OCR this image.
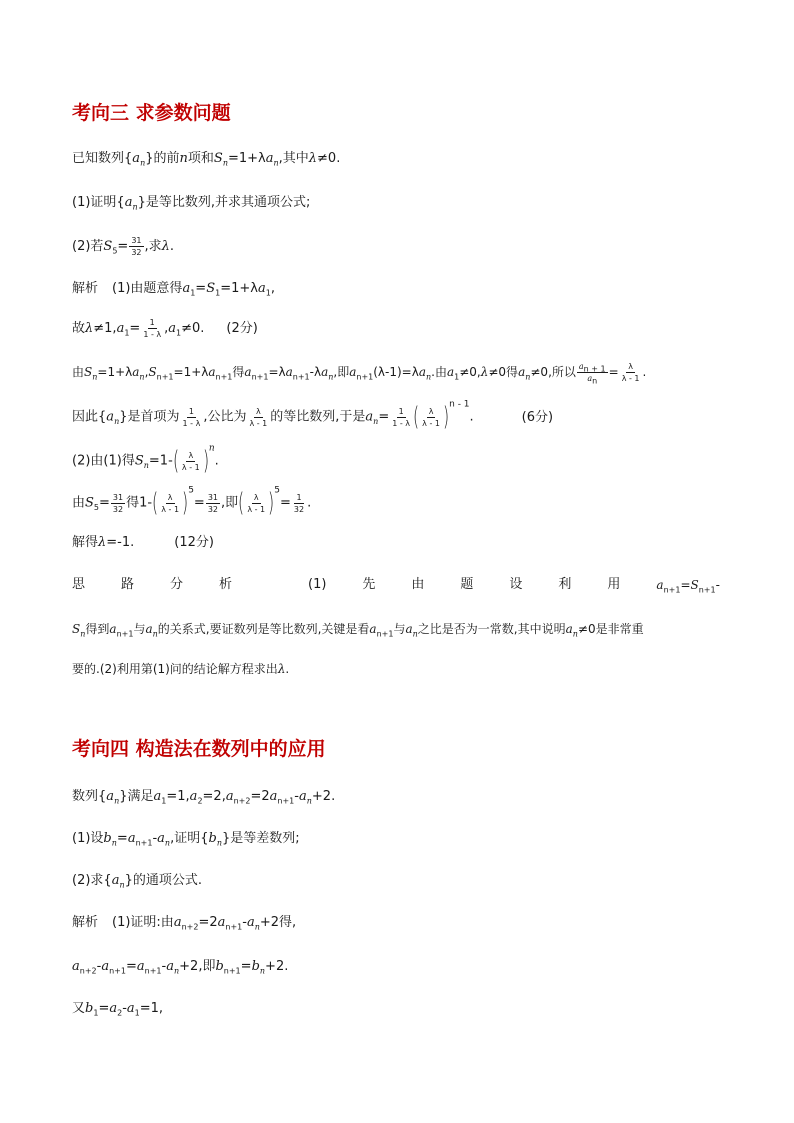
考向三 求参数问题
已知数列$\{a_n\}$的前n项和$S_n=1+\lambda a_n$,其中λ≠0.
(1)证明$\{a_n\}$是等比数列,并求其通项公式;
(2)若$S_5= \frac{31}{32}$ ,求λ.
解析 (1)由题意得$a_1=S_1=1+\lambda a_1$,
故$\lambda\ne 1,a_1= \frac{1}{1 - \lambda} ,a_1\ne 0$. (2分)
由$S_n=1+\lambda a_n,S_{n+1}=1+\lambda a_{n+1}$得$a_{n+1}=\lambda a_{n+1}-\lambda a_n$,即$a_{n+1}(\lambda-1)=\lambda a_n$.由$a_1\ne 0,\lambda\ne 0$得$a_n\ne 0$,所以 $\frac{a_{n + 1}}{a_n} = \frac{\lambda}{\lambda - 1}$ .
因此$\{a_n\}$是首项为 $\frac{1}{1 - \lambda}$ ,公比为 $\frac{\lambda}{\lambda - 1}$ 的等比数列,于是$a_n= \frac{1}{1 - \lambda}$ ( $\frac{\lambda}{\lambda - 1} )^{n - 1}$.	(6分)
(2)由(1)得$S_n=1-( \frac{\lambda}{\lambda - 1} )^n$.
由$S_5= \frac{31}{32}$ 得$1-( \frac{\lambda}{\lambda - 1} )^5= \frac{31}{32}$ ,即( $\frac{\lambda}{\lambda - 1} )^5= \frac{1}{32}$ .
解得λ=-1.	(12分)
思	路	分	析	(1)	先	由	题	设	利	用	$a_{n+1}=S_{n+1}-$
$S_n$得到$a_{n+1}$与$a_n$的关系式,要证数列是等比数列,关键是看$a_{n+1}$与$a_n$之比是否为一常数,其中说明$a_n\ne 0$是非常重
要的.(2)利用第(1)问的结论解方程求出λ.
考向四 构造法在数列中的应用
数列$\{a_n\}$满足$a_1=1,a_2=2,a_{n+2}=2a_{n+1}-a_n+2$.
(1)设$b_n=a_{n+1}-a_n$,证明$\{b_n\}$是等差数列;
(2)求$\{a_n\}$的通项公式.
解析 (1)证明:由$a_{n+2}=2a_{n+1}-a_n+2$得,
$a_{n+2}-a_{n+1}=a_{n+1}-a_n+2$,即$b_{n+1}=b_n+2$.
又$b_1=a_2-a_1=1$,
